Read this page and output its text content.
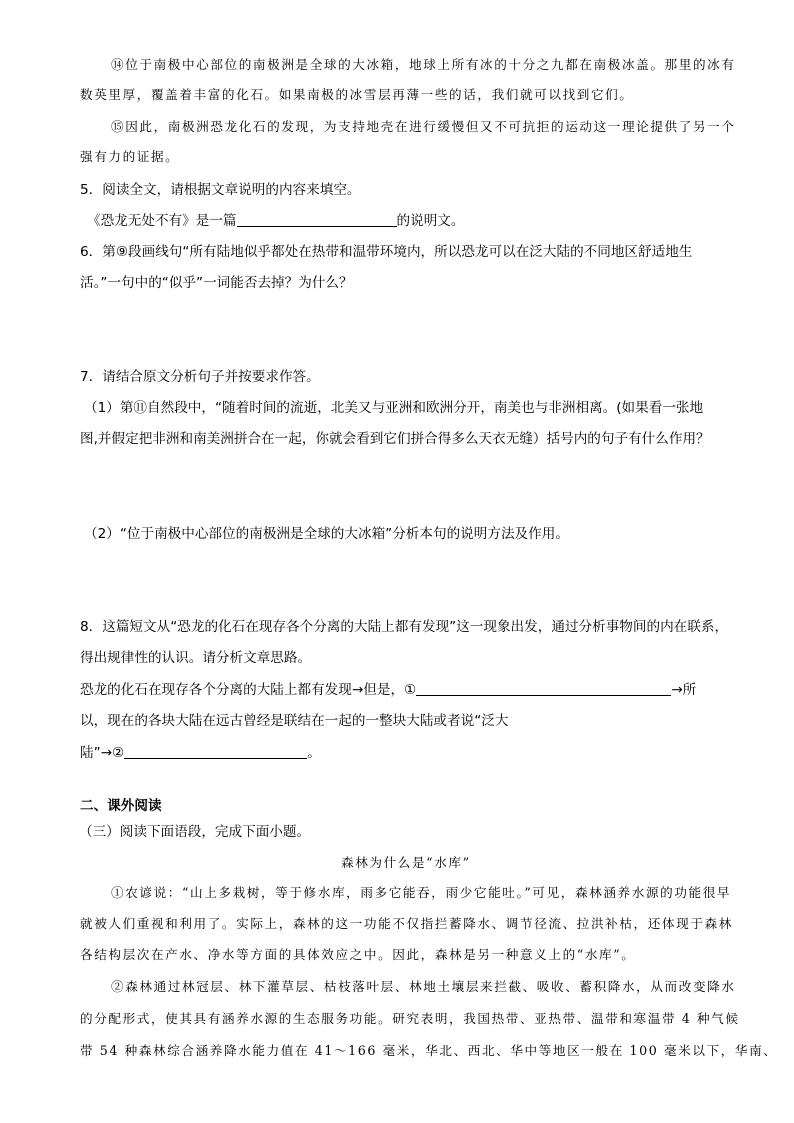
⑭位于南极中心部位的南极洲是全球的大冰箱，地球上所有冰的十分之九都在南极冰盖。那里的冰有
数英里厚，覆盖着丰富的化石。如果南极的冰雪层再薄一些的话，我们就可以找到它们。
⑮因此，南极洲恐龙化石的发现，为支持地壳在进行缓慢但又不可抗拒的运动这一理论提供了另一个
强有力的证据。
5．阅读全文，请根据文章说明的内容来填空。
《恐龙无处不有》是一篇	的说明文。
6．第⑨段画线句“所有陆地似乎都处在热带和温带环境内，所以恐龙可以在泛大陆的不同地区舒适地生
活。”一句中的“似乎”一词能否去掉？为什么？
7．请结合原文分析句子并按要求作答。
（1）第⑪自然段中，“随着时间的流逝，北美又与亚洲和欧洲分开，南美也与非洲相离。(如果看一张地
图,并假定把非洲和南美洲拼合在一起，你就会看到它们拼合得多么天衣无缝）括号内的句子有什么作用？
（2）“位于南极中心部位的南极洲是全球的大冰箱”分析本句的说明方法及作用。
8．这篇短文从“恐龙的化石在现存各个分离的大陆上都有发现”这一现象出发，通过分析事物间的内在联系，
得出规律性的认识。请分析文章思路。
恐龙的化石在现存各个分离的大陆上都有发现→但是，①	→所
以，现在的各块大陆在远古曾经是联结在一起的一整块大陆或者说“泛大
陆”→②	。
二、课外阅读
（三）阅读下面语段，完成下面小题。
森林为什么是“水库”
①农谚说：“山上多栽树，等于修水库，雨多它能吞，雨少它能吐。”可见，森林涵养水源的功能很早
就被人们重视和利用了。实际上，森林的这一功能不仅指拦蓄降水、调节径流、拉洪补枯，还体现于森林
各结构层次在产水、净水等方面的具体效应之中。因此，森林是另一种意义上的“水库”。
②森林通过林冠层、林下灌草层、枯枝落叶层、林地土壤层来拦截、吸收、蓄积降水，从而改变降水
的分配形式，使其具有涵养水源的生态服务功能。研究表明，我国热带、亚热带、温带和寒温带 4 种气候
带 54 种森林综合涵养降水能力值在 41～166 毫米，华北、西北、华中等地区一般在 100 毫米以下，华南、
